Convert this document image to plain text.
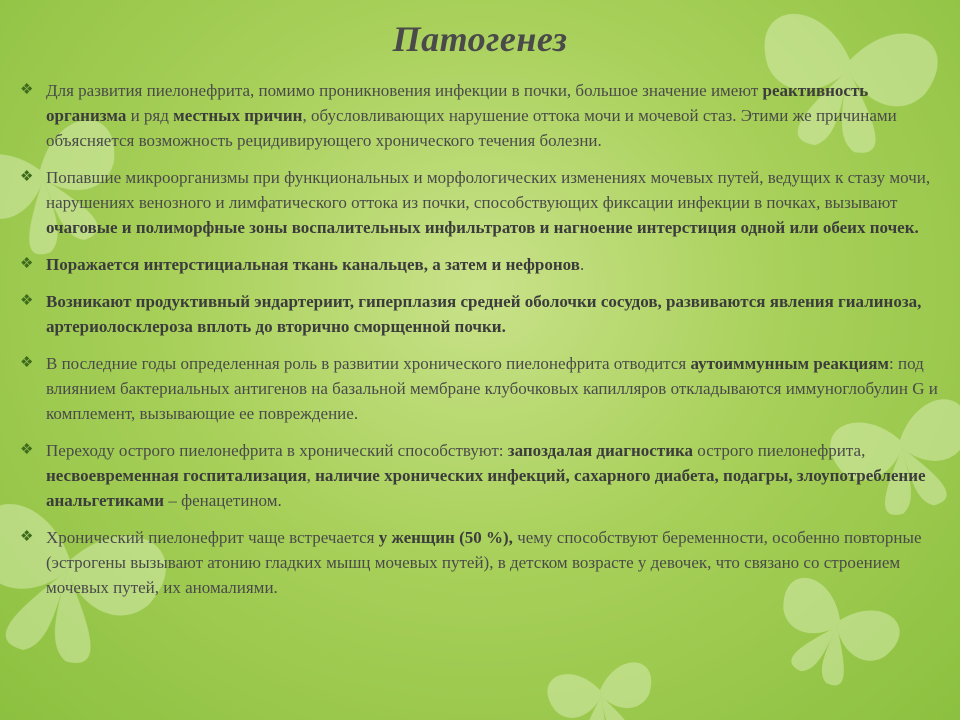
Патогенез
❖ Для развития пиелонефрита, помимо проникновения инфекции в почки, большое значение имеют реактивность организма и ряд местных причин, обусловливающих нарушение оттока мочи и мочевой стаз. Этими же причинами объясняется возможность рецидивирующего хронического течения болезни.
❖ Попавшие микроорганизмы при функциональных и морфологических изменениях мочевых путей, ведущих к стазу мочи, нарушениях венозного и лимфатического оттока из почки, способствующих фиксации инфекции в почках, вызывают очаговые и полиморфные зоны воспалительных инфильтратов и нагноение интерстиция одной или обеих почек.
❖ Поражается интерстициальная ткань канальцев, а затем и нефронов.
❖ Возникают продуктивный эндартериит, гиперплазия средней оболочки сосудов, развиваются явления гиалиноза, артериолосклероза вплоть до вторично сморщенной почки.
❖ В последние годы определенная роль в развитии хронического пиелонефрита отводится аутоиммунным реакциям: под влиянием бактериальных антигенов на базальной мембране клубочковых капилляров откладываются иммуноглобулин G и комплемент, вызывающие ее повреждение.
❖ Переходу острого пиелонефрита в хронический способствуют: запоздалая диагностика острого пиелонефрита, несвоевременная госпитализация, наличие хронических инфекций, сахарного диабета, подагры, злоупотребление анальгетиками – фенацетином.
❖ Хронический пиелонефрит чаще встречается у женщин (50 %), чему способствуют беременности, особенно повторные (эстрогены вызывают атонию гладких мышц мочевых путей), в детском возрасте у девочек, что связано со строением мочевых путей, их аномалиями.
